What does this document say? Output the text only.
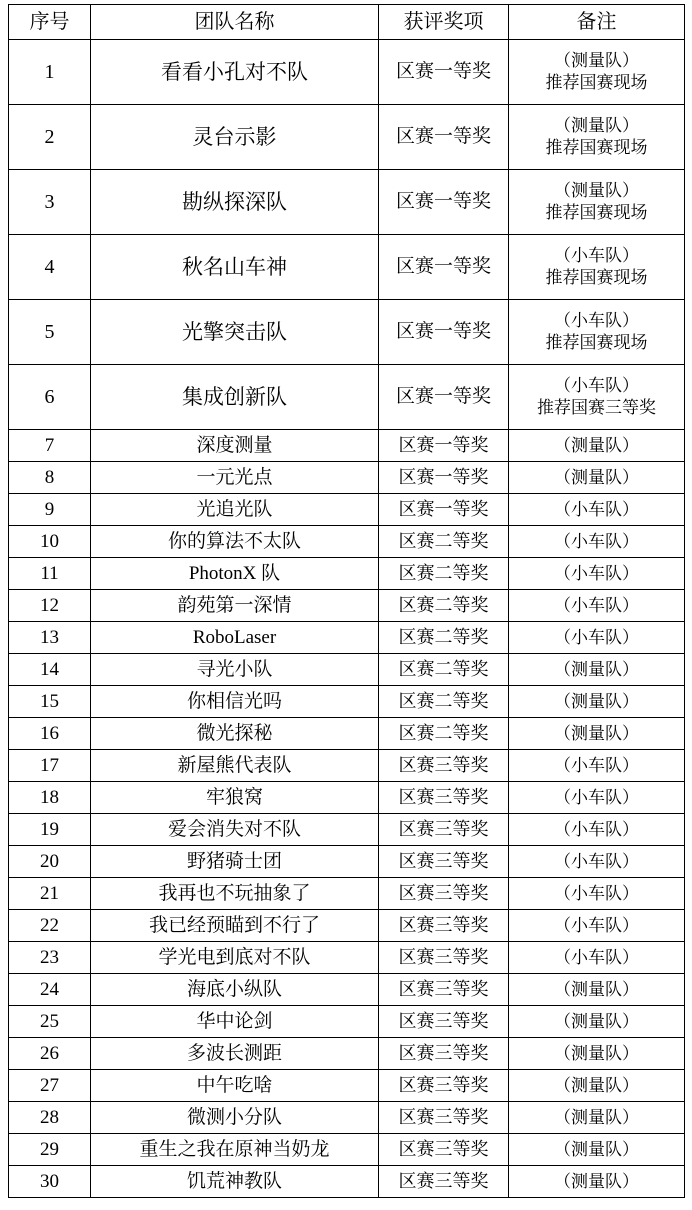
序号	团队名称	获评奖项	备注
1	看看小孔对不队	区赛一等奖	（测量队）
推荐国赛现场

2	灵台示影	区赛一等奖	（测量队）
推荐国赛现场

3	勘纵探深队	区赛一等奖	（测量队）
推荐国赛现场

4	秋名山车神	区赛一等奖	（小车队）
推荐国赛现场

5	光擎突击队	区赛一等奖	（小车队）
推荐国赛现场

6	集成创新队	区赛一等奖	（小车队）
推荐国赛三等奖

7	深度测量	区赛一等奖	（测量队）
8	一元光点	区赛一等奖	（测量队）
9	光追光队	区赛一等奖	（小车队）
10	你的算法不太队	区赛二等奖	（小车队）
11	PhotonX 队	区赛二等奖	（小车队）
12	韵苑第一深情	区赛二等奖	（小车队）
13	RoboLaser	区赛二等奖	（小车队）
14	寻光小队	区赛二等奖	（测量队）
15	你相信光吗	区赛二等奖	（测量队）
16	微光探秘	区赛二等奖	（测量队）
17	新屋熊代表队	区赛三等奖	（小车队）
18	牢狼窝	区赛三等奖	（小车队）
19	爱会消失对不队	区赛三等奖	（小车队）
20	野猪骑士团	区赛三等奖	（小车队）
21	我再也不玩抽象了	区赛三等奖	（小车队）
22	我已经预瞄到不行了	区赛三等奖	（小车队）
23	学光电到底对不队	区赛三等奖	（小车队）
24	海底小纵队	区赛三等奖	（测量队）
25	华中论剑	区赛三等奖	（测量队）
26	多波长测距	区赛三等奖	（测量队）
27	中午吃啥	区赛三等奖	（测量队）
28	微测小分队	区赛三等奖	（测量队）
29	重生之我在原神当奶龙	区赛三等奖	（测量队）
30	饥荒神教队	区赛三等奖	（测量队）
